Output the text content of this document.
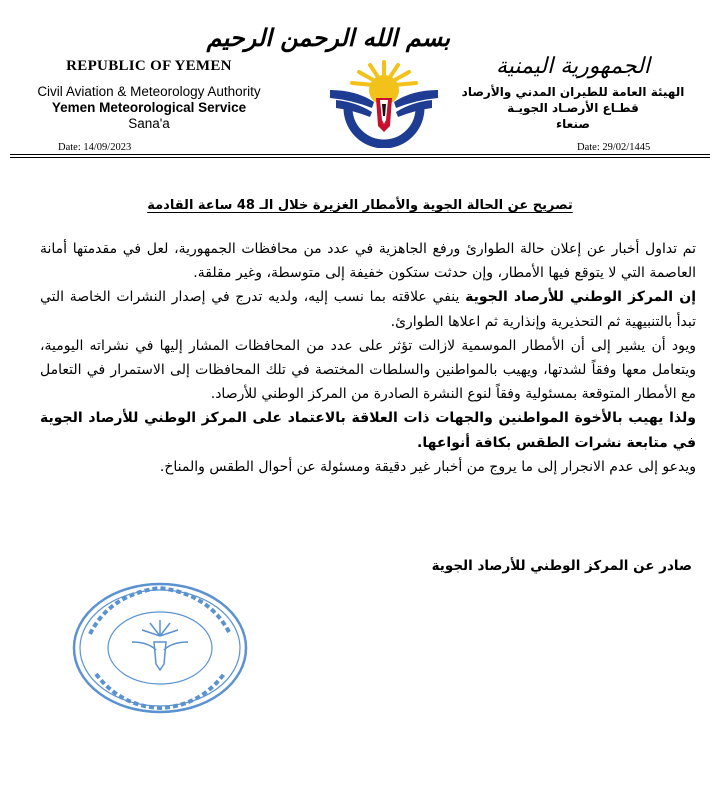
بسم الله الرحمن الرحيم
REPUBLIC OF YEMEN
Civil Aviation & Meteorology Authority
Yemen Meteorological Service
Sana'a
الجمهورية اليمنية
الهيئة العامة للطيران المدني والأرصاد
قطـاع الأرصـاد الجويـة
صنعاء
Date: 14/09/2023	Date: 29/02/1445
تصريح عن الحالة الجوية والأمطار الغزيرة خلال الـ 48 ساعة القادمة

تم تداول أخبار عن إعلان حالة الطوارئ ورفع الجاهزية في عدد من محافظات الجمهورية، لعل في مقدمتها أمانة العاصمة التي لا يتوقع فيها الأمطار، وإن حدثت ستكون خفيفة إلى متوسطة، وغير مقلقة.

إن المركز الوطني للأرصاد الجوية ينفي علاقته بما نسب إليه، ولديه تدرج في إصدار النشرات الخاصة التي تبدأ بالتنبيهية ثم التحذيرية وإنذارية ثم اعلاها الطوارئ.

ويود أن يشير إلى أن الأمطار الموسمية لازالت تؤثر على عدد من المحافظات المشار إليها في نشراته اليومية، ويتعامل معها وفقاً لشدتها، ويهيب بالمواطنين والسلطات المختصة في تلك المحافظات إلى الاستمرار في التعامل مع الأمطار المتوقعة بمسئولية وفقاً لنوع النشرة الصادرة من المركز الوطني للأرصاد.

ولذا يهيب بالأخوة المواطنين والجهات ذات العلاقة بالاعتماد على المركز الوطني للأرصاد الجوية في متابعة نشرات الطقس بكافة أنواعها.

ويدعو إلى عدم الانجرار إلى ما يروج من أخبار غير دقيقة ومسئولة عن أحوال الطقس والمناخ.

صادر عن المركز الوطني للأرصاد الجوية
